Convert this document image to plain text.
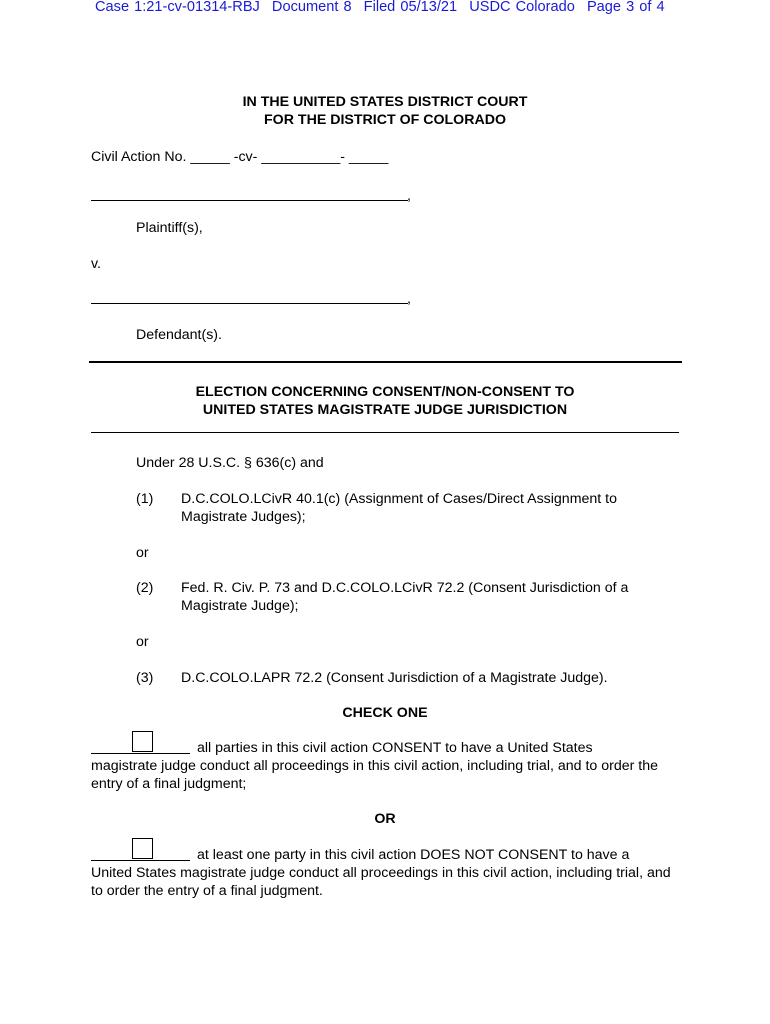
Case 1:21-cv-01314-RBJ Document 8 Filed 05/13/21 USDC Colorado Page 3 of 4
IN THE UNITED STATES DISTRICT COURT
FOR THE DISTRICT OF COLORADO
Civil Action No. _____ -cv- __________- _____
,
Plaintiff(s),
v.
,
Defendant(s).
ELECTION CONCERNING CONSENT/NON-CONSENT TO
UNITED STATES MAGISTRATE JUDGE JURISDICTION
Under 28 U.S.C. § 636(c) and
(1) D.C.COLO.LCivR 40.1(c) (Assignment of Cases/Direct Assignment to Magistrate Judges);
or
(2) Fed. R. Civ. P. 73 and D.C.COLO.LCivR 72.2 (Consent Jurisdiction of a Magistrate Judge);
or
(3) D.C.COLO.LAPR 72.2 (Consent Jurisdiction of a Magistrate Judge).
CHECK ONE
all parties in this civil action CONSENT to have a United States
magistrate judge conduct all proceedings in this civil action, including trial, and to order the entry of a final judgment;
OR
at least one party in this civil action DOES NOT CONSENT to have a
United States magistrate judge conduct all proceedings in this civil action, including trial, and to order the entry of a final judgment.
